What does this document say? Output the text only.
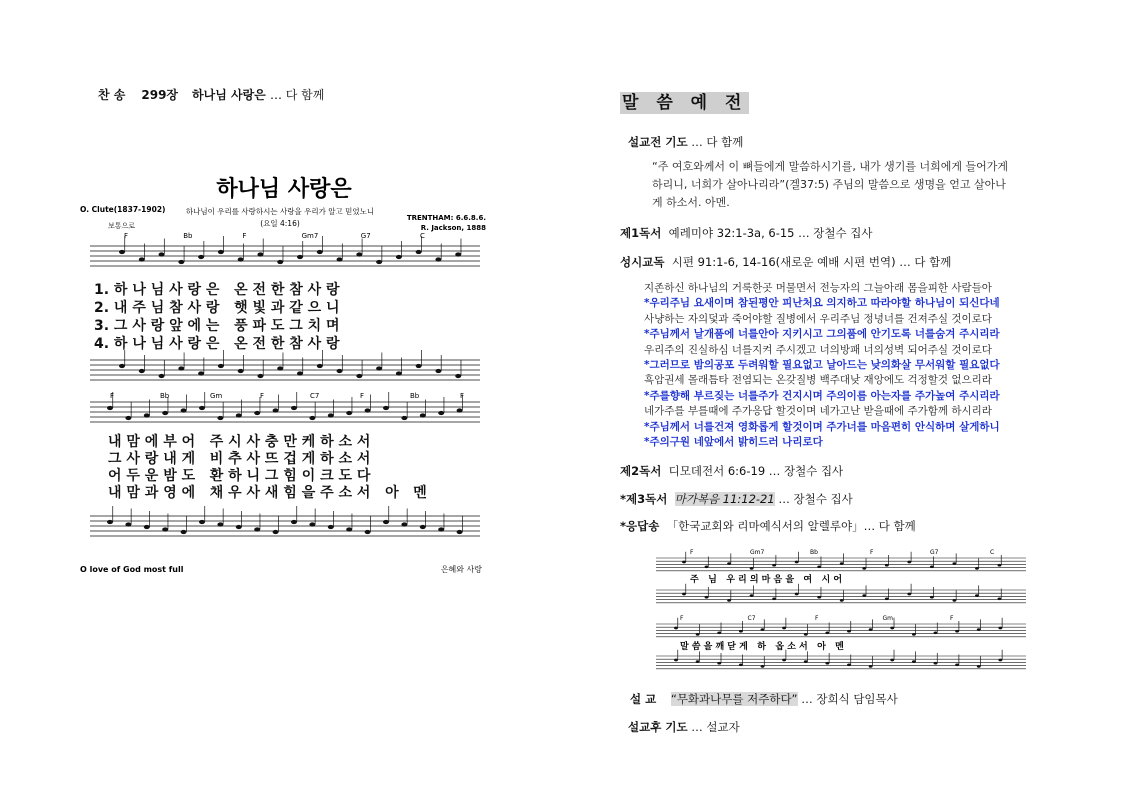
찬 송 299장 하나님 사랑은 … 다 함께
하나님 사랑은
O. Clute(1837-1902)	하나님이 우리를 사랑하시는 사랑을 우리가 알고 믿었노니
(요일 4:16)
TRENTHAM: 6.6.8.6.
R. Jackson, 1888
보통으로
F	Bb	F	Gm7	G7	C
1. 하 나 님 사 랑 은   온 전 한 참 사 랑
2. 내 주 님 참 사 랑   햇 빛 과 같 으 니
3. 그 사 랑 앞 에 는   풍 파 도 그 치 며
4. 하 나 님 사 랑 은   온 전 한 참 사 랑
F	Bb	Gm	F	C7	F	Bb	F
내 맘 에 부 어   주 시 사 충 만 케 하 소 서
그 사 랑 내 게   비 추 사 뜨 겁 게 하 소 서
어 두 운 밤 도   환 하 니 그 힘 이 크 도 다
내 맘 과 영 에   채 우 사 새 힘 을 주 소 서   아   멘
O love of God most full	은혜와 사랑
말 씀 예 전
설교전 기도 … 다 함께
“주 여호와께서 이 뼈들에게 말씀하시기를, 내가 생기를 너희에게 들어가게
하리니, 너희가 살아나리라”(겔37:5) 주님의 말씀으로 생명을 얻고 살아나
게 하소서. 아멘.
제1독서 예레미야 32:1-3a, 6-15 … 장철수 집사
성시교독 시편 91:1-6, 14-16(새로운 예배 시편 번역) … 다 함께
지존하신 하나님의 거룩한곳 머물면서 전능자의 그늘아래 몸을피한 사람들아
*우리주님 요새이며 참된평안 피난처요 의지하고 따라야할 하나님이 되신다네
사냥하는 자의덫과 죽어야할 질병에서 우리주님 정녕너를 건져주실 것이로다
*주님께서 날개품에 너를안아 지키시고 그의품에 안기도록 너를숨겨 주시리라
우리주의 진실하심 너를지켜 주시겠고 너의방패 너의성벽 되어주실 것이로다
*그러므로 밤의공포 두려워할 필요없고 날아드는 낮의화살 무서워할 필요없다
흑암권세 몰래틈타 전염되는 온갖질병 백주대낮 재앙에도 걱정할것 없으리라
*주를향해 부르짖는 너를주가 건지시며 주의이름 아는자를 주가높여 주시리라
네가주를 부를때에 주가응답 할것이며 네가고난 받을때에 주가함께 하시리라
*주님께서 너를건져 영화롭게 할것이며 주가너를 마음편히 안식하며 살게하니
*주의구원 네앞에서 밝히드러 나리로다
제2독서 디모데전서 6:6-19 … 장철수 집사
*제3독서 마가복음 11:12-21 … 장철수 집사
*응답송 「한국교회와 리마예식서의 알렐루야」… 다 함께
설 교 “무화과나무를 저주하다” … 장희식 담임목사
설교후 기도 … 설교자
F	Gm7	Bb	F	G7	C
주   님   우 리 의 마 음 을   여   시 어
F	C7	F	Gm	F
말 씀 을 깨 닫 게   하   옵 소 서   아   멘
